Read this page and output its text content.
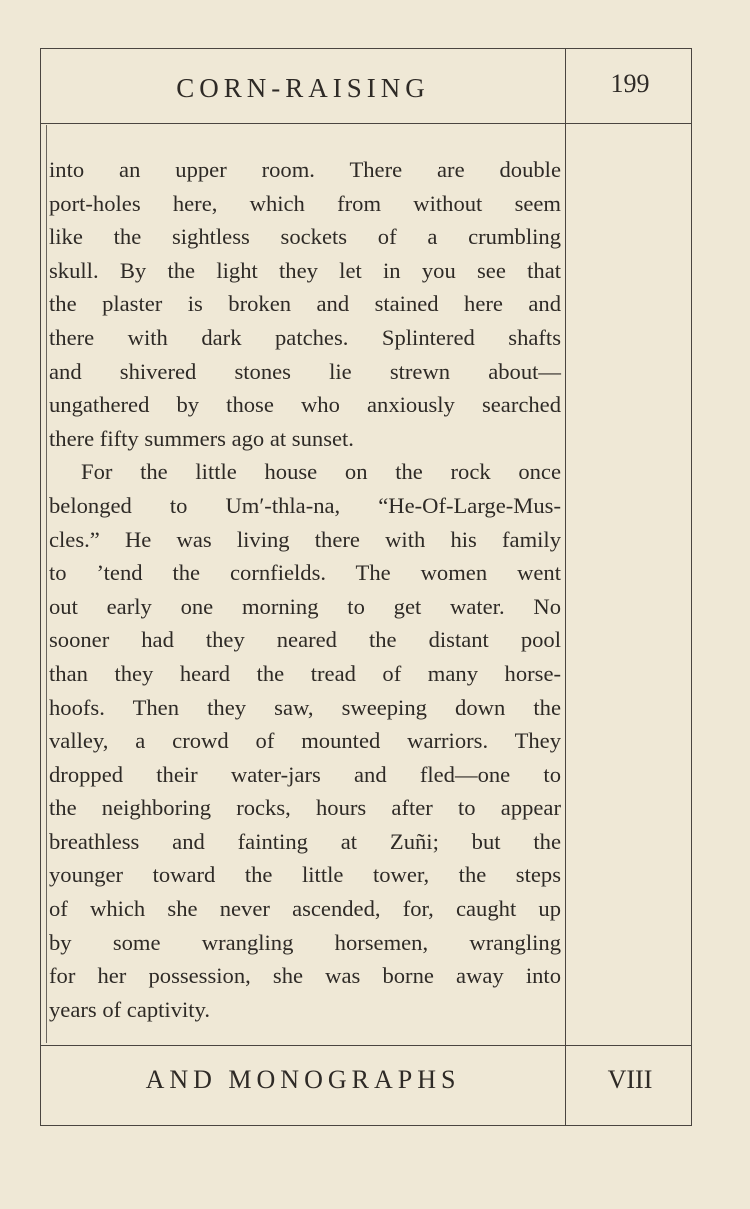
CORN-RAISING	199
into an upper room. There are double
port-holes here, which from without seem
like the sightless sockets of a crumbling
skull. By the light they let in you see that
the plaster is broken and stained here and
there with dark patches. Splintered shafts
and shivered stones lie strewn about—
ungathered by those who anxiously searched
there fifty summers ago at sunset.
For the little house on the rock once
belonged to Um′-thla-na, “He-Of-Large-Mus-
cles.” He was living there with his family
to ’tend the cornfields. The women went
out early one morning to get water. No
sooner had they neared the distant pool
than they heard the tread of many horse-
hoofs. Then they saw, sweeping down the
valley, a crowd of mounted warriors. They
dropped their water-jars and fled—one to
the neighboring rocks, hours after to appear
breathless and fainting at Zuñi; but the
younger toward the little tower, the steps
of which she never ascended, for, caught up
by some wrangling horsemen, wrangling
for her possession, she was borne away into
years of captivity.
AND MONOGRAPHS	VIII
